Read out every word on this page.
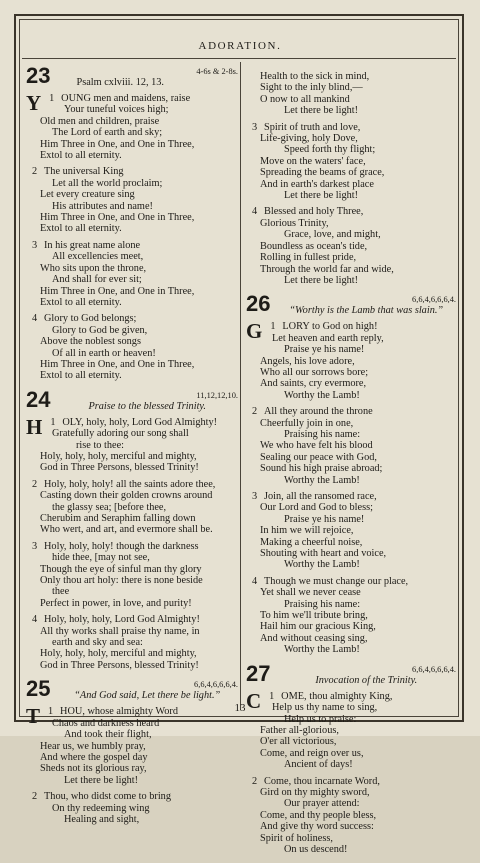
ADORATION.
23	4-6s & 2-8s.
Psalm cxlviii. 12, 13.
1
Y OUNG men and maidens, raise
Your tuneful voices high;
Old men and children, praise
The Lord of earth and sky;
Him Three in One, and One in Three,
Extol to all eternity.
2 The universal King
Let all the world proclaim;
Let every creature sing
His attributes and name!
Him Three in One, and One in Three,
Extol to all eternity.
3 In his great name alone
All excellencies meet,
Who sits upon the throne,
And shall for ever sit;
Him Three in One, and One in Three,
Extol to all eternity.
4 Glory to God belongs;
Glory to God be given,
Above the noblest songs
Of all in earth or heaven!
Him Three in One, and One in Three,
Extol to all eternity.
24	11,12,12,10.
Praise to the blessed Trinity.
1
H OLY, holy, holy, Lord God Almighty!
Gratefully adoring our song shall
rise to thee:
Holy, holy, holy, merciful and mighty,
God in Three Persons, blessed Trinity!
2 Holy, holy, holy! all the saints adore thee,
Casting down their golden crowns around
the glassy sea; [before thee,
Cherubim and Seraphim falling down
Who wert, and art, and evermore shall be.
3 Holy, holy, holy! though the darkness
hide thee, [may not see,
Though the eye of sinful man thy glory
Only thou art holy: there is none beside
thee
Perfect in power, in love, and purity!
4 Holy, holy, holy, Lord God Almighty!
All thy works shall praise thy name, in
earth and sky and sea:
Holy, holy, holy, merciful and mighty,
God in Three Persons, blessed Trinity!
25	6,6,4,6,6,6,4.
“And God said, Let there be light.”
1
T HOU, whose almighty Word
Chaos and darkness heard
And took their flight,
Hear us, we humbly pray,
And where the gospel day
Sheds not its glorious ray,
Let there be light!
2 Thou, who didst come to bring
On thy redeeming wing
Healing and sight,
Health to the sick in mind,
Sight to the inly blind,—
O now to all mankind
Let there be light!
3 Spirit of truth and love,
Life-giving, holy Dove,
Speed forth thy flight;
Move on the waters' face,
Spreading the beams of grace,
And in earth's darkest place
Let there be light!
4 Blessed and holy Three,
Glorious Trinity,
Grace, love, and might,
Boundless as ocean's tide,
Rolling in fullest pride,
Through the world far and wide,
Let there be light!
26	6,6,4,6,6,6,4.
“Worthy is the Lamb that was slain.”
1
G LORY to God on high!
Let heaven and earth reply,
Praise ye his name!
Angels, his love adore,
Who all our sorrows bore;
And saints, cry evermore,
Worthy the Lamb!
2 All they around the throne
Cheerfully join in one,
Praising his name:
We who have felt his blood
Sealing our peace with God,
Sound his high praise abroad;
Worthy the Lamb!
3 Join, all the ransomed race,
Our Lord and God to bless;
Praise ye his name!
In him we will rejoice,
Making a cheerful noise,
Shouting with heart and voice,
Worthy the Lamb!
4 Though we must change our place,
Yet shall we never cease
Praising his name:
To him we'll tribute bring,
Hail him our gracious King,
And without ceasing sing,
Worthy the Lamb!
27	6,6,4,6,6,6,4.
Invocation of the Trinity.
1
C OME, thou almighty King,
Help us thy name to sing,
Help us to praise:
Father all-glorious,
O'er all victorious,
Come, and reign over us,
Ancient of days!
2 Come, thou incarnate Word,
Gird on thy mighty sword,
Our prayer attend:
Come, and thy people bless,
And give thy word success:
Spirit of holiness,
On us descend!
13
